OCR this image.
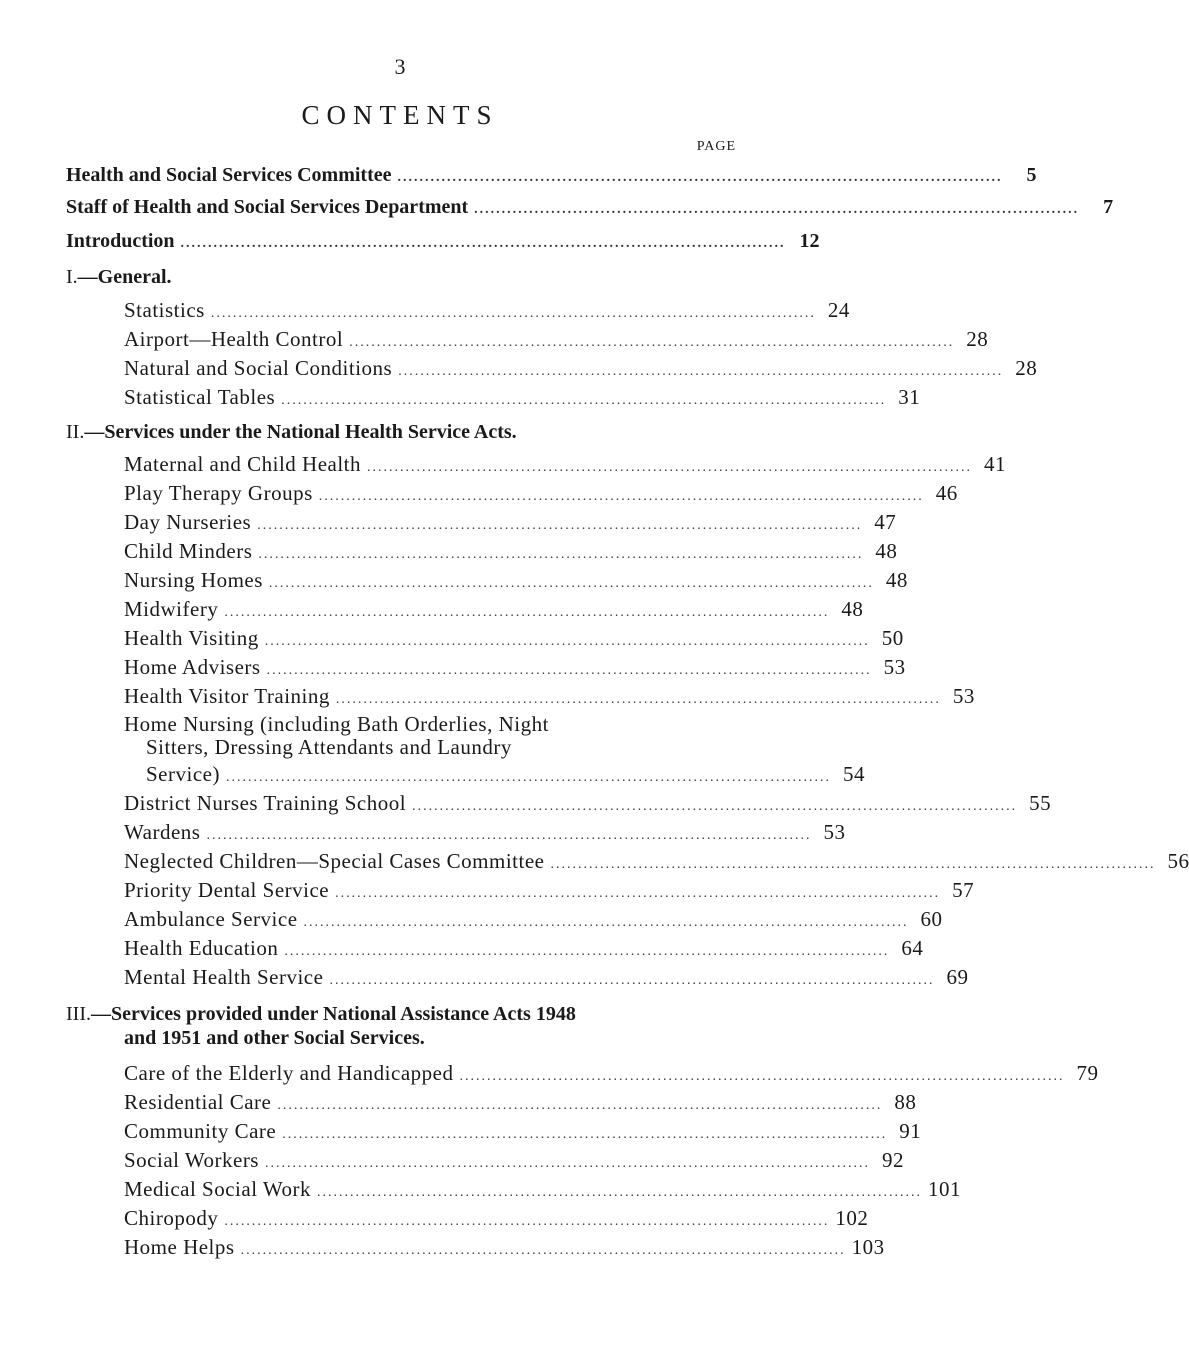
3
CONTENTS
PAGE
Health and Social Services Committee ..............................................................................................................	5
Staff of Health and Social Services Department ..............................................................................................................	7
Introduction .............................................................................................................. 12
I.—General.
Statistics .............................................................................................................. 24
Airport—Health Control .............................................................................................................. 28
Natural and Social Conditions .............................................................................................................. 28
Statistical Tables .............................................................................................................. 31
II.—Services under the National Health Service Acts.
Maternal and Child Health .............................................................................................................. 41
Play Therapy Groups .............................................................................................................. 46
Day Nurseries .............................................................................................................. 47
Child Minders .............................................................................................................. 48
Nursing Homes .............................................................................................................. 48
Midwifery .............................................................................................................. 48
Health Visiting .............................................................................................................. 50
Home Advisers .............................................................................................................. 53
Health Visitor Training .............................................................................................................. 53
Home Nursing (including Bath Orderlies, Night
Sitters, Dressing Attendants and Laundry
Service) .............................................................................................................. 54
District Nurses Training School .............................................................................................................. 55
Wardens .............................................................................................................. 53
Neglected Children—Special Cases Committee .............................................................................................................. 56
Priority Dental Service .............................................................................................................. 57
Ambulance Service .............................................................................................................. 60
Health Education .............................................................................................................. 64
Mental Health Service .............................................................................................................. 69
III.—Services provided under National Assistance Acts 1948
and 1951 and other Social Services.
Care of the Elderly and Handicapped .............................................................................................................. 79
Residential Care .............................................................................................................. 88
Community Care .............................................................................................................. 91
Social Workers .............................................................................................................. 92
Medical Social Work .............................................................................................................. 101
Chiropody .............................................................................................................. 102
Home Helps .............................................................................................................. 103
